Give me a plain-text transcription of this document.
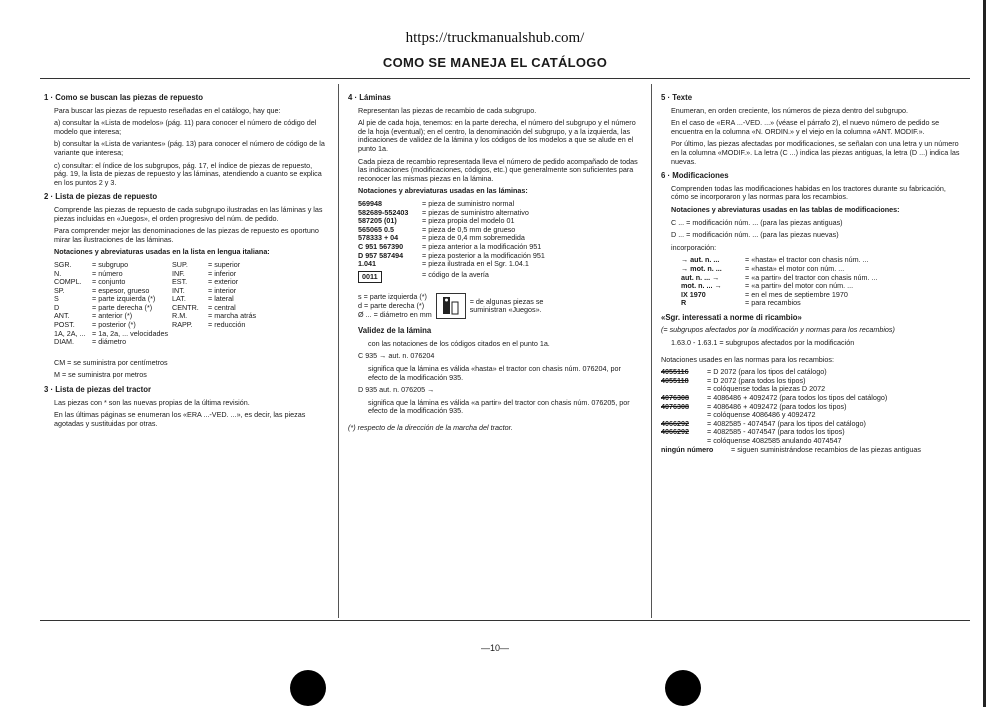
https://truckmanualshub.com/
COMO SE MANEJA EL CATÁLOGO
1 · Como se buscan las piezas de repuesto

Para buscar las piezas de repuesto reseñadas en el catálogo, hay que:

a) consultar la «Lista de modelos» (pág. 11) para conocer el número de código del modelo que interesa;

b) consultar la «Lista de variantes» (pág. 13) para conocer el número de código de la variante que interesa;

c) consultar: el índice de los subgrupos, pág. 17, el índice de piezas de repuesto, pág. 19, la lista de piezas de repuesto y las láminas, atendiendo a cuanto se explica en los puntos 2 y 3.

2 · Lista de piezas de repuesto

Comprende las piezas de repuesto de cada subgrupo ilustradas en las láminas y las piezas incluidas en «Juegos», el orden progresivo del núm. de pedido.

Para comprender mejor las denominaciones de las piezas de repuesto es oportuno mirar las ilustraciones de las láminas.

Notaciones y abreviaturas usadas en la lista en lengua italiana:

SGR.	= subgrupo	SUP.	= superior
N.	= número	INF.	= inferior
COMPL.	= conjunto	EST.	= exterior
SP.	= espesor, grueso	INT.	= interior
S	= parte izquierda (*)	LAT.	= lateral
D	= parte derecha (*)	CENTR.	= central
ANT.	= anterior (*)	R.M.	= marcha atrás
POST.	= posterior (*)	RAPP.	= reducción
1A, 2A, ... = 1a, 2a, ... velocidades
DIAM.	= diámetro

CM = se suministra por centímetros

M = se suministra por metros

3 · Lista de piezas del tractor

Las piezas con * son las nuevas propias de la última revisión.

En las últimas páginas se enumeran los «ERA ...-VED. ...», es decir, las piezas agotadas y sustituidas por otras.

4 · Láminas

Representan las piezas de recambio de cada subgrupo.

Al pie de cada hoja, tenemos: en la parte derecha, el número del subgrupo y el número de la hoja (eventual); en el centro, la denominación del subgrupo, y a la izquierda, las indicaciones de validez de la lámina y los códigos de los modelos a que se alude en el punto 1a.

Cada pieza de recambio representada lleva el número de pedido acompañado de todas las indicaciones (modificaciones, códigos, etc.) que generalmente son suficientes para reconocer las mismas piezas en la lámina.

Notaciones y abreviaturas usadas en las láminas:

569948	= pieza de suministro normal
582689-552403	= piezas de suministro alternativo
587205 (01)	= pieza propia del modelo 01
565065 0.5	= pieza de 0,5 mm de grueso
578333 + 04	= pieza de 0,4 mm sobremedida
C 951 567390	= pieza anterior a la modificación 951
D 957 587494	= pieza posterior a la modificación 951
1.041	= pieza ilustrada en el Sgr. 1.04.1
0011	= código de la avería
s = parte izquierda (*)
d = parte derecha (*)
Ø ... = diámetro en mm
= de algunas piezas se suministran «Juegos».
Validez de la lámina

con las notaciones de los códigos citados en el punto 1a.

C 935 → aut. n. 076204

significa que la lámina es válida «hasta» el tractor con chasis núm. 076204, por efecto de la modificación 935.

D 935 aut. n. 076205 →

significa que la lámina es válida «a partir» del tractor con chasis núm. 076205, por efecto de la modificación 935.

(*) respecto de la dirección de la marcha del tractor.

5 · Texte

Enumeran, en orden creciente, los números de pieza dentro del subgrupo.

En el caso de «ERA ...-VED. ...» (véase el párrafo 2), el nuevo número de pedido se encuentra en la columna «N. ORDIN.» y el viejo en la columna «ANT. MODIF.».

Por último, las piezas afectadas por modificaciones, se señalan con una letra y un número en la columna «MODIF.». La letra (C ...) indica las piezas antiguas, la letra (D ...) indica las nuevas.

6 · Modificaciones

Comprenden todas las modificaciones habidas en los tractores durante su fabricación, cómo se incorporaron y las normas para los recambios.

Notaciones y abreviaturas usadas en las tablas de modificaciones:

C ... = modificación núm. ... (para las piezas antiguas)

D ... = modificación núm. ... (para las piezas nuevas)

incorporación:

→ aut. n. ...	= «hasta» el tractor con chasis núm. ...
→ mot. n. ...	= «hasta» el motor con núm. ...
aut. n. ... →	= «a partir» del tractor con chasis núm. ...
mot. n. ... →	= «a partir» del motor con núm. ...
IX 1970	= en el mes de septiembre 1970
R	= para recambios
«Sgr. interessati a norme di ricambio»

(= subgrupos afectados por la modificación y normas para los recambios)

1.63.0 - 1.63.1 = subgrupos afectados por la modificación

Notaciones usades en las normas para los recambios:

4055116	= D 2072 (para los tipos del catálogo)
4055118	= D 2072 (para todos los tipos)
= colóquense todas la piezas D 2072
4076308	= 4086486 + 4092472 (para todos los tipos del catálogo)
4076308	= 4086486 + 4092472 (para todos los tipos)
= colóquense 4086486 y 4092472
4066292	= 4082585 - 4074547 (para los tipos del catálogo)
4066292	= 4082585 - 4074547 (para todos los tipos)
= colóquense 4082585 anulando 4074547
ningún número	= siguen suministrándose recambios de las piezas antiguas
—10—
